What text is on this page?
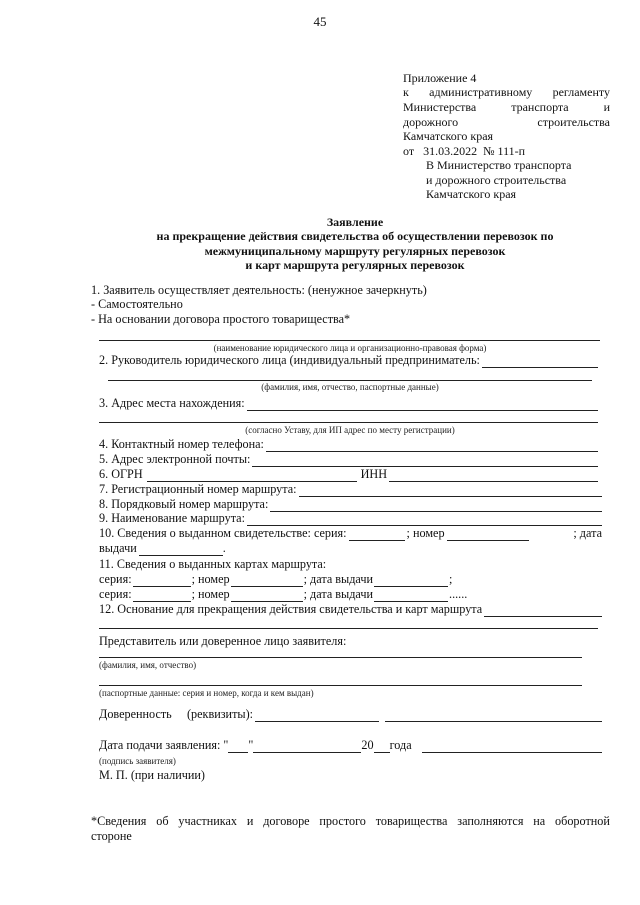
45
Приложение 4
к административному регламенту
Министерства	транспорта	и
дорожного	строительства
Камчатского края
от   31.03.2022  № 111-п
В Министерство транспорта
и дорожного строительства
Камчатского края
Заявление
на прекращение действия свидетельства об осуществлении перевозок по
межмуниципальному маршруту регулярных перевозок
и карт маршрута регулярных перевозок
1. Заявитель осуществляет деятельность: (ненужное зачеркнуть)
- Самостоятельно
- На основании договора простого товарищества*
(наименование юридического лица и организационно-правовая форма)
2. Руководитель юридического лица (индивидуальный предприниматель:
(фамилия, имя, отчество, паспортные данные)
3. Адрес места нахождения:
(согласно Уставу, для ИП адрес по месту регистрации)
4. Контактный номер телефона:
5. Адрес электронной почты:
6. ОГРН	ИНН
7. Регистрационный номер маршрута:
8. Порядковый номер маршрута:
9. Наименование маршрута:
10. Сведения о выданном свидетельстве: серия:	; номер	; дата
выдачи	.
11. Сведения о выданных картах маршрута:
серия:	; номер	; дата выдачи	;
серия:	; номер	; дата выдачи	......
12. Основание для прекращения действия свидетельства и карт маршрута
Представитель или доверенное лицо заявителя:
(фамилия, имя, отчество)
(паспортные данные: серия и номер, когда и кем выдан)
Доверенность     (реквизиты):
Дата подачи заявления: " "	20 года
(подпись заявителя)
М. П. (при наличии)
*Сведения об участниках и договоре простого товарищества заполняются на оборотной
стороне
